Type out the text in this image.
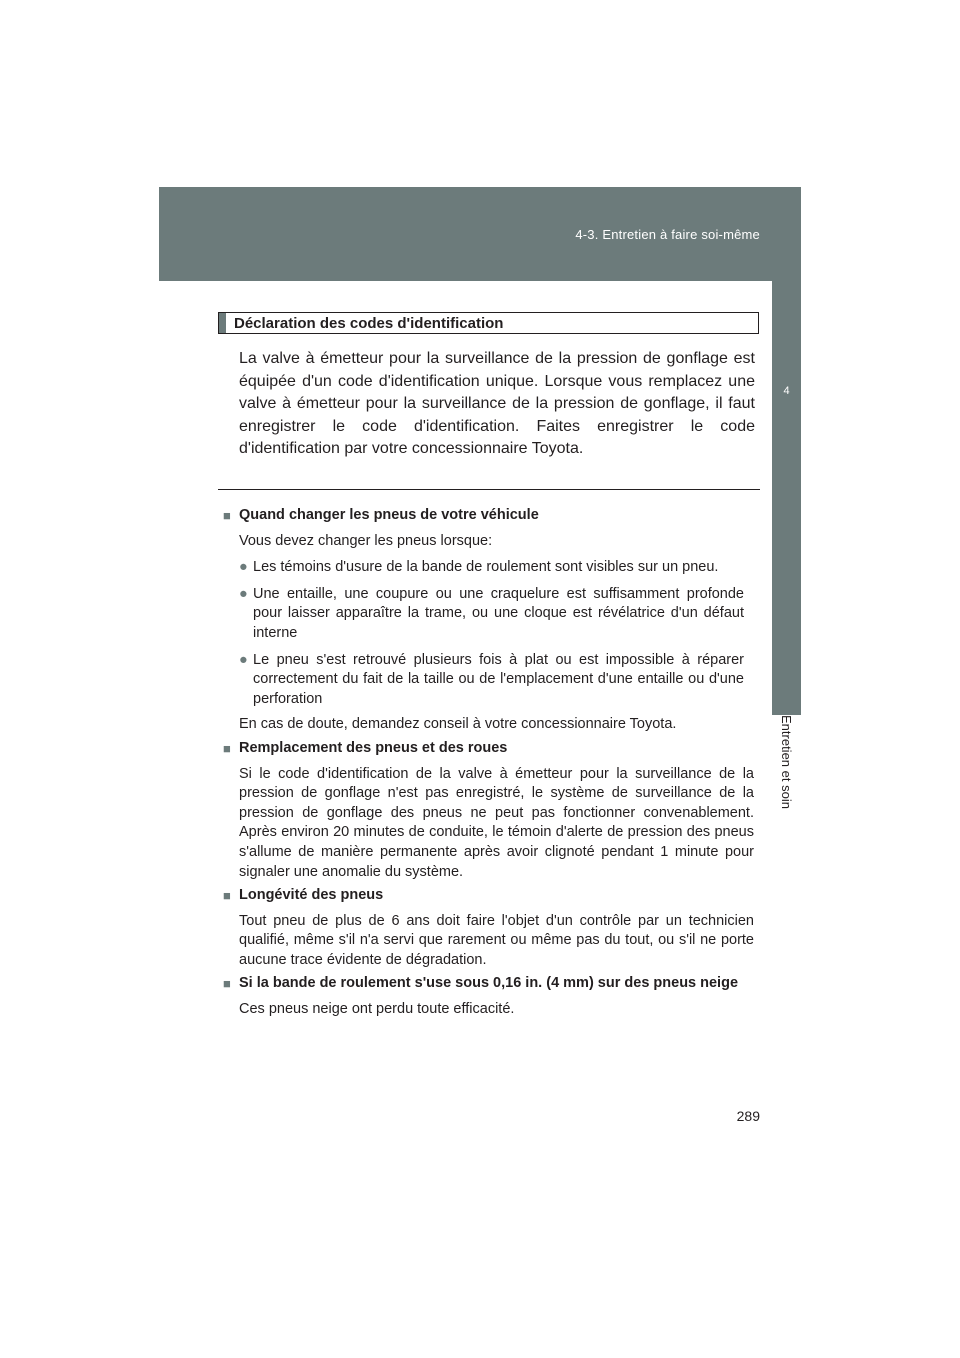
4-3. Entretien à faire soi-même
4
Entretien et soin
Déclaration des codes d'identification

La valve à émetteur pour la surveillance de la pression de gonflage est équipée d'un code d'identification unique. Lorsque vous remplacez une valve à émetteur pour la surveillance de la pression de gonflage, il faut enregistrer le code d'identification. Faites enregistrer le code d'identification par votre concessionnaire Toyota.

■ Quand changer les pneus de votre véhicule
Vous devez changer les pneus lorsque:
● Les témoins d'usure de la bande de roulement sont visibles sur un pneu.
● Une entaille, une coupure ou une craquelure est suffisamment profonde pour laisser apparaître la trame, ou une cloque est révélatrice d'un défaut interne
● Le pneu s'est retrouvé plusieurs fois à plat ou est impossible à réparer correctement du fait de la taille ou de l'emplacement d'une entaille ou d'une perforation
En cas de doute, demandez conseil à votre concessionnaire Toyota.
■ Remplacement des pneus et des roues
Si le code d'identification de la valve à émetteur pour la surveillance de la pression de gonflage n'est pas enregistré, le système de surveillance de la pression de gonflage des pneus ne peut pas fonctionner convenablement. Après environ 20 minutes de conduite, le témoin d'alerte de pression des pneus s'allume de manière permanente après avoir clignoté pendant 1 minute pour signaler une anomalie du système.
■ Longévité des pneus
Tout pneu de plus de 6 ans doit faire l'objet d'un contrôle par un technicien qualifié, même s'il n'a servi que rarement ou même pas du tout, ou s'il ne porte aucune trace évidente de dégradation.
■ Si la bande de roulement s'use sous 0,16 in. (4 mm) sur des pneus neige
Ces pneus neige ont perdu toute efficacité.
289
